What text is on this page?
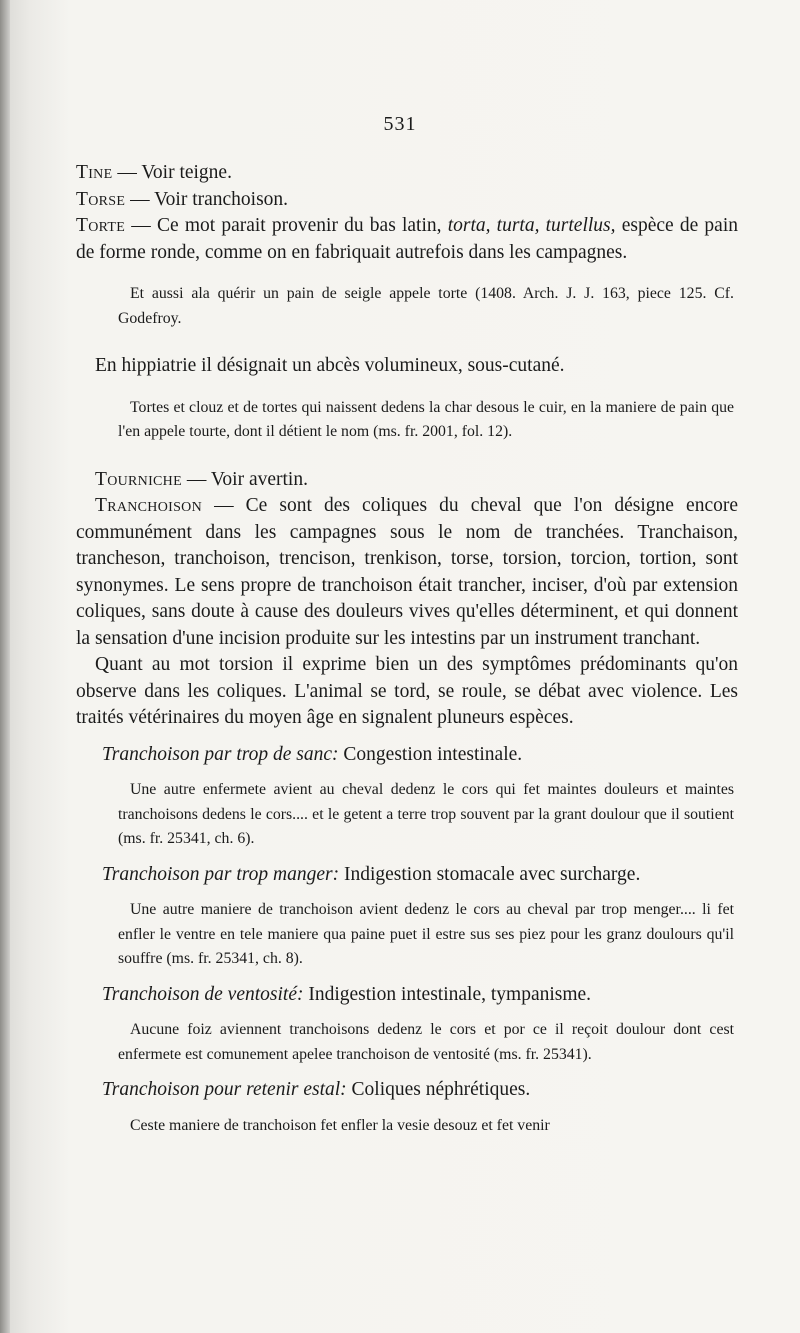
531

Tine — Voir teigne.

Torse — Voir tranchoison.

Torte — Ce mot parait provenir du bas latin, torta, turta, turtellus, espèce de pain de forme ronde, comme on en fabriquait autrefois dans les campagnes.

Et aussi ala quérir un pain de seigle appele torte (1408. Arch. J. J. 163, piece 125. Cf. Godefroy.

En hippiatrie il désignait un abcès volumineux, sous-cutané.

Tortes et clouz et de tortes qui naissent dedens la char desous le cuir, en la maniere de pain que l'en appele tourte, dont il détient le nom (ms. fr. 2001, fol. 12).

Tourniche — Voir avertin.

Tranchoison — Ce sont des coliques du cheval que l'on désigne encore communément dans les campagnes sous le nom de tranchées. Tranchaison, trancheson, tranchoison, trencison, trenkison, torse, torsion, torcion, tortion, sont synonymes. Le sens propre de tranchoison était trancher, inciser, d'où par extension coliques, sans doute à cause des douleurs vives qu'elles déterminent, et qui donnent la sensation d'une incision produite sur les intestins par un instrument tranchant.

Quant au mot torsion il exprime bien un des symptômes prédominants qu'on observe dans les coliques. L'animal se tord, se roule, se débat avec violence. Les traités vétérinaires du moyen âge en signalent pluneurs espèces.

Tranchoison par trop de sanc: Congestion intestinale.

Une autre enfermete avient au cheval dedenz le cors qui fet maintes douleurs et maintes tranchoisons dedens le cors.... et le getent a terre trop souvent par la grant doulour que il soutient (ms. fr. 25341, ch. 6).

Tranchoison par trop manger: Indigestion stomacale avec surcharge.

Une autre maniere de tranchoison avient dedenz le cors au cheval par trop menger.... li fet enfler le ventre en tele maniere qua paine puet il estre sus ses piez pour les granz doulours qu'il souffre (ms. fr. 25341, ch. 8).

Tranchoison de ventosité: Indigestion intestinale, tympanisme.

Aucune foiz aviennent tranchoisons dedenz le cors et por ce il reçoit doulour dont cest enfermete est comunement apelee tranchoison de ventosité (ms. fr. 25341).

Tranchoison pour retenir estal: Coliques néphrétiques.

Ceste maniere de tranchoison fet enfler la vesie desouz et fet venir
